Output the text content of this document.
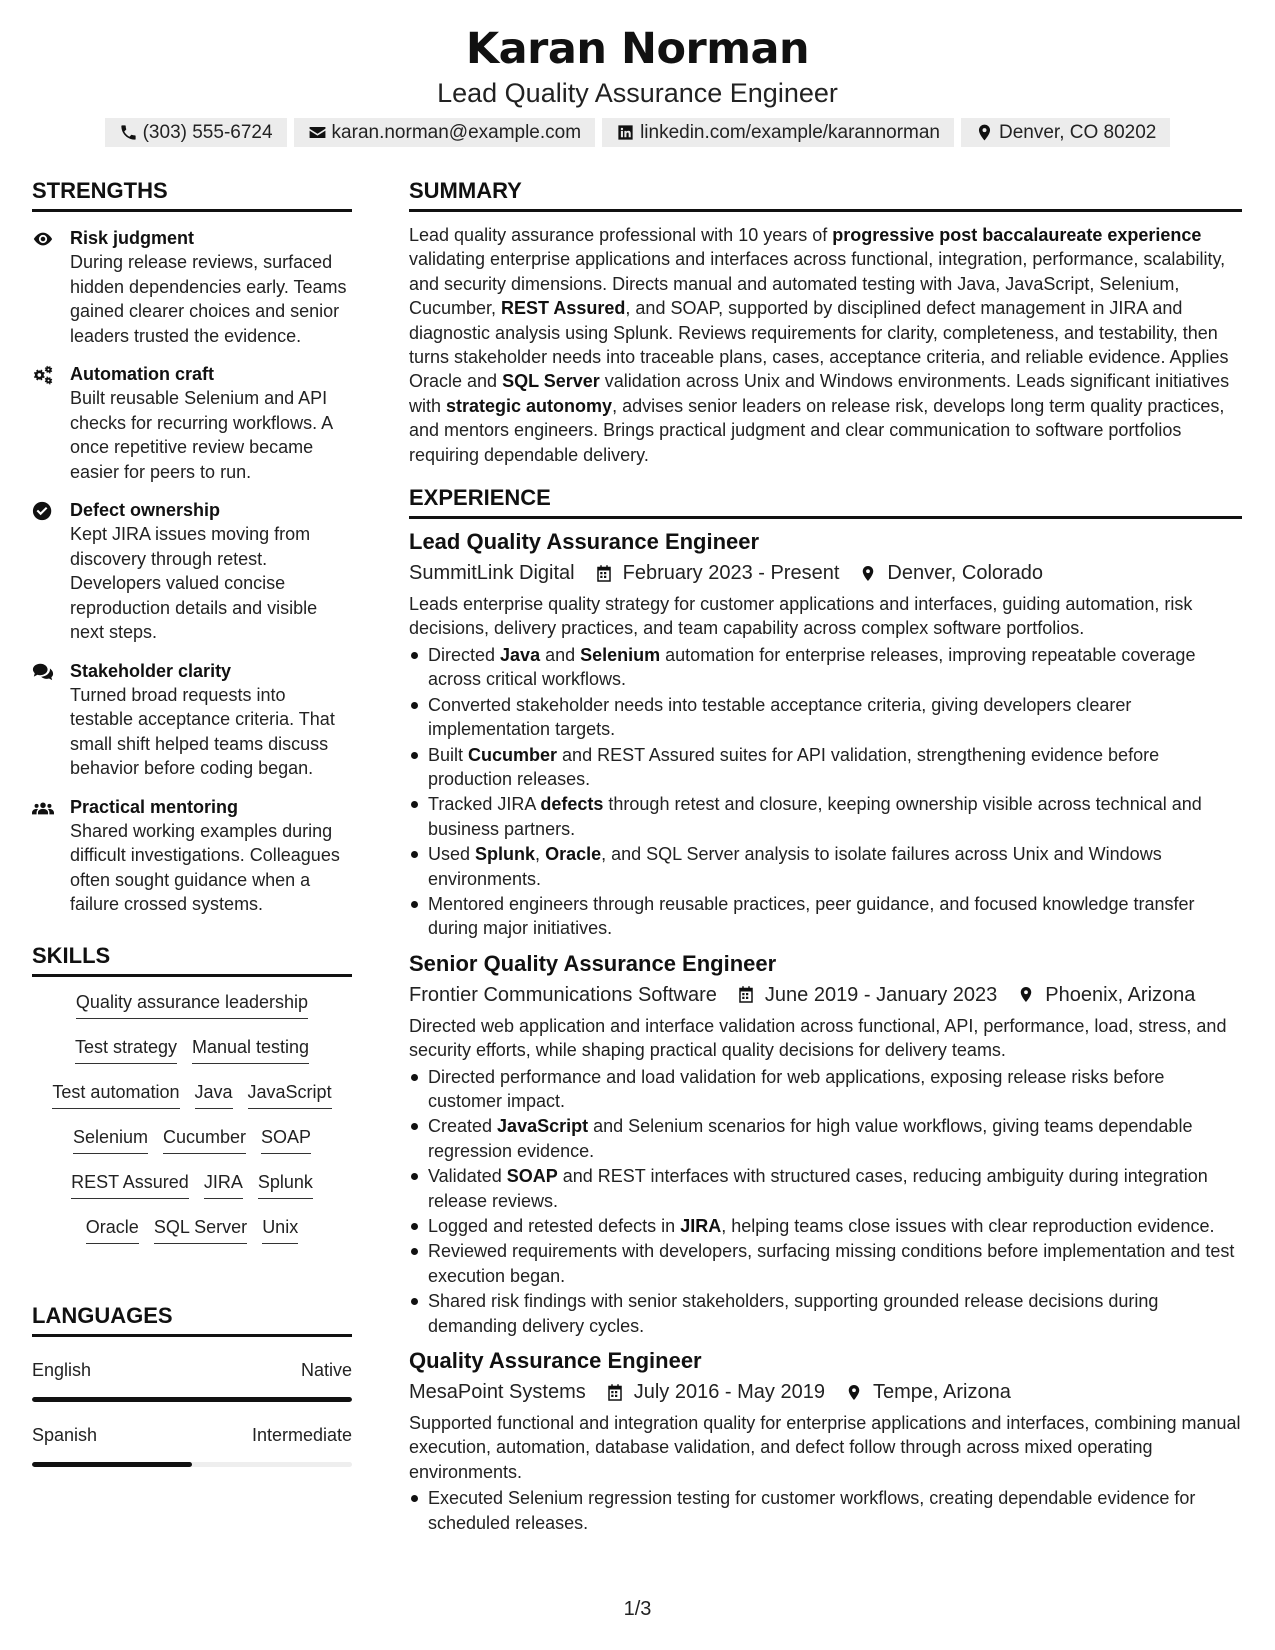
Karan Norman
Lead Quality Assurance Engineer
(303) 555-6724	karan.norman@example.com	linkedin.com/example/karannorman	Denver, CO 80202
STRENGTHS
Risk judgment
During release reviews, surfaced hidden dependencies early. Teams gained clearer choices and senior leaders trusted the evidence.
Automation craft
Built reusable Selenium and API checks for recurring workflows. A once repetitive review became easier for peers to run.
Defect ownership
Kept JIRA issues moving from discovery through retest. Developers valued concise reproduction details and visible next steps.
Stakeholder clarity
Turned broad requests into testable acceptance criteria. That small shift helped teams discuss behavior before coding began.
Practical mentoring
Shared working examples during difficult investigations. Colleagues often sought guidance when a failure crossed systems.
SKILLS
Quality assurance leadership
Test strategy Manual testing
Test automation Java JavaScript
Selenium Cucumber SOAP
REST Assured JIRA Splunk
Oracle SQL Server Unix
LANGUAGES
English	Native
Spanish	Intermediate
SUMMARY

Lead quality assurance professional with 10 years of progressive post baccalaureate experience validating enterprise applications and interfaces across functional, integration, performance, scalability, and security dimensions. Directs manual and automated testing with Java, JavaScript, Selenium, Cucumber, REST Assured, and SOAP, supported by disciplined defect management in JIRA and diagnostic analysis using Splunk. Reviews requirements for clarity, completeness, and testability, then turns stakeholder needs into traceable plans, cases, acceptance criteria, and reliable evidence. Applies Oracle and SQL Server validation across Unix and Windows environments. Leads significant initiatives with strategic autonomy, advises senior leaders on release risk, develops long term quality practices, and mentors engineers. Brings practical judgment and clear communication to software portfolios requiring dependable delivery.

EXPERIENCE
Lead Quality Assurance Engineer
SummitLink Digital February 2023 - Present Denver, Colorado
Leads enterprise quality strategy for customer applications and interfaces, guiding automation, risk decisions, delivery practices, and team capability across complex software portfolios.
Directed Java and Selenium automation for enterprise releases, improving repeatable coverage across critical workflows.
Converted stakeholder needs into testable acceptance criteria, giving developers clearer implementation targets.
Built Cucumber and REST Assured suites for API validation, strengthening evidence before production releases.
Tracked JIRA defects through retest and closure, keeping ownership visible across technical and business partners.
Used Splunk, Oracle, and SQL Server analysis to isolate failures across Unix and Windows environments.
Mentored engineers through reusable practices, peer guidance, and focused knowledge transfer during major initiatives.
Senior Quality Assurance Engineer
Frontier Communications Software June 2019 - January 2023 Phoenix, Arizona
Directed web application and interface validation across functional, API, performance, load, stress, and security efforts, while shaping practical quality decisions for delivery teams.
Directed performance and load validation for web applications, exposing release risks before customer impact.
Created JavaScript and Selenium scenarios for high value workflows, giving teams dependable regression evidence.
Validated SOAP and REST interfaces with structured cases, reducing ambiguity during integration release reviews.
Logged and retested defects in JIRA, helping teams close issues with clear reproduction evidence.
Reviewed requirements with developers, surfacing missing conditions before implementation and test execution began.
Shared risk findings with senior stakeholders, supporting grounded release decisions during demanding delivery cycles.
Quality Assurance Engineer
MesaPoint Systems July 2016 - May 2019 Tempe, Arizona
Supported functional and integration quality for enterprise applications and interfaces, combining manual execution, automation, database validation, and defect follow through across mixed operating environments.
Executed Selenium regression testing for customer workflows, creating dependable evidence for scheduled releases.
1/3
